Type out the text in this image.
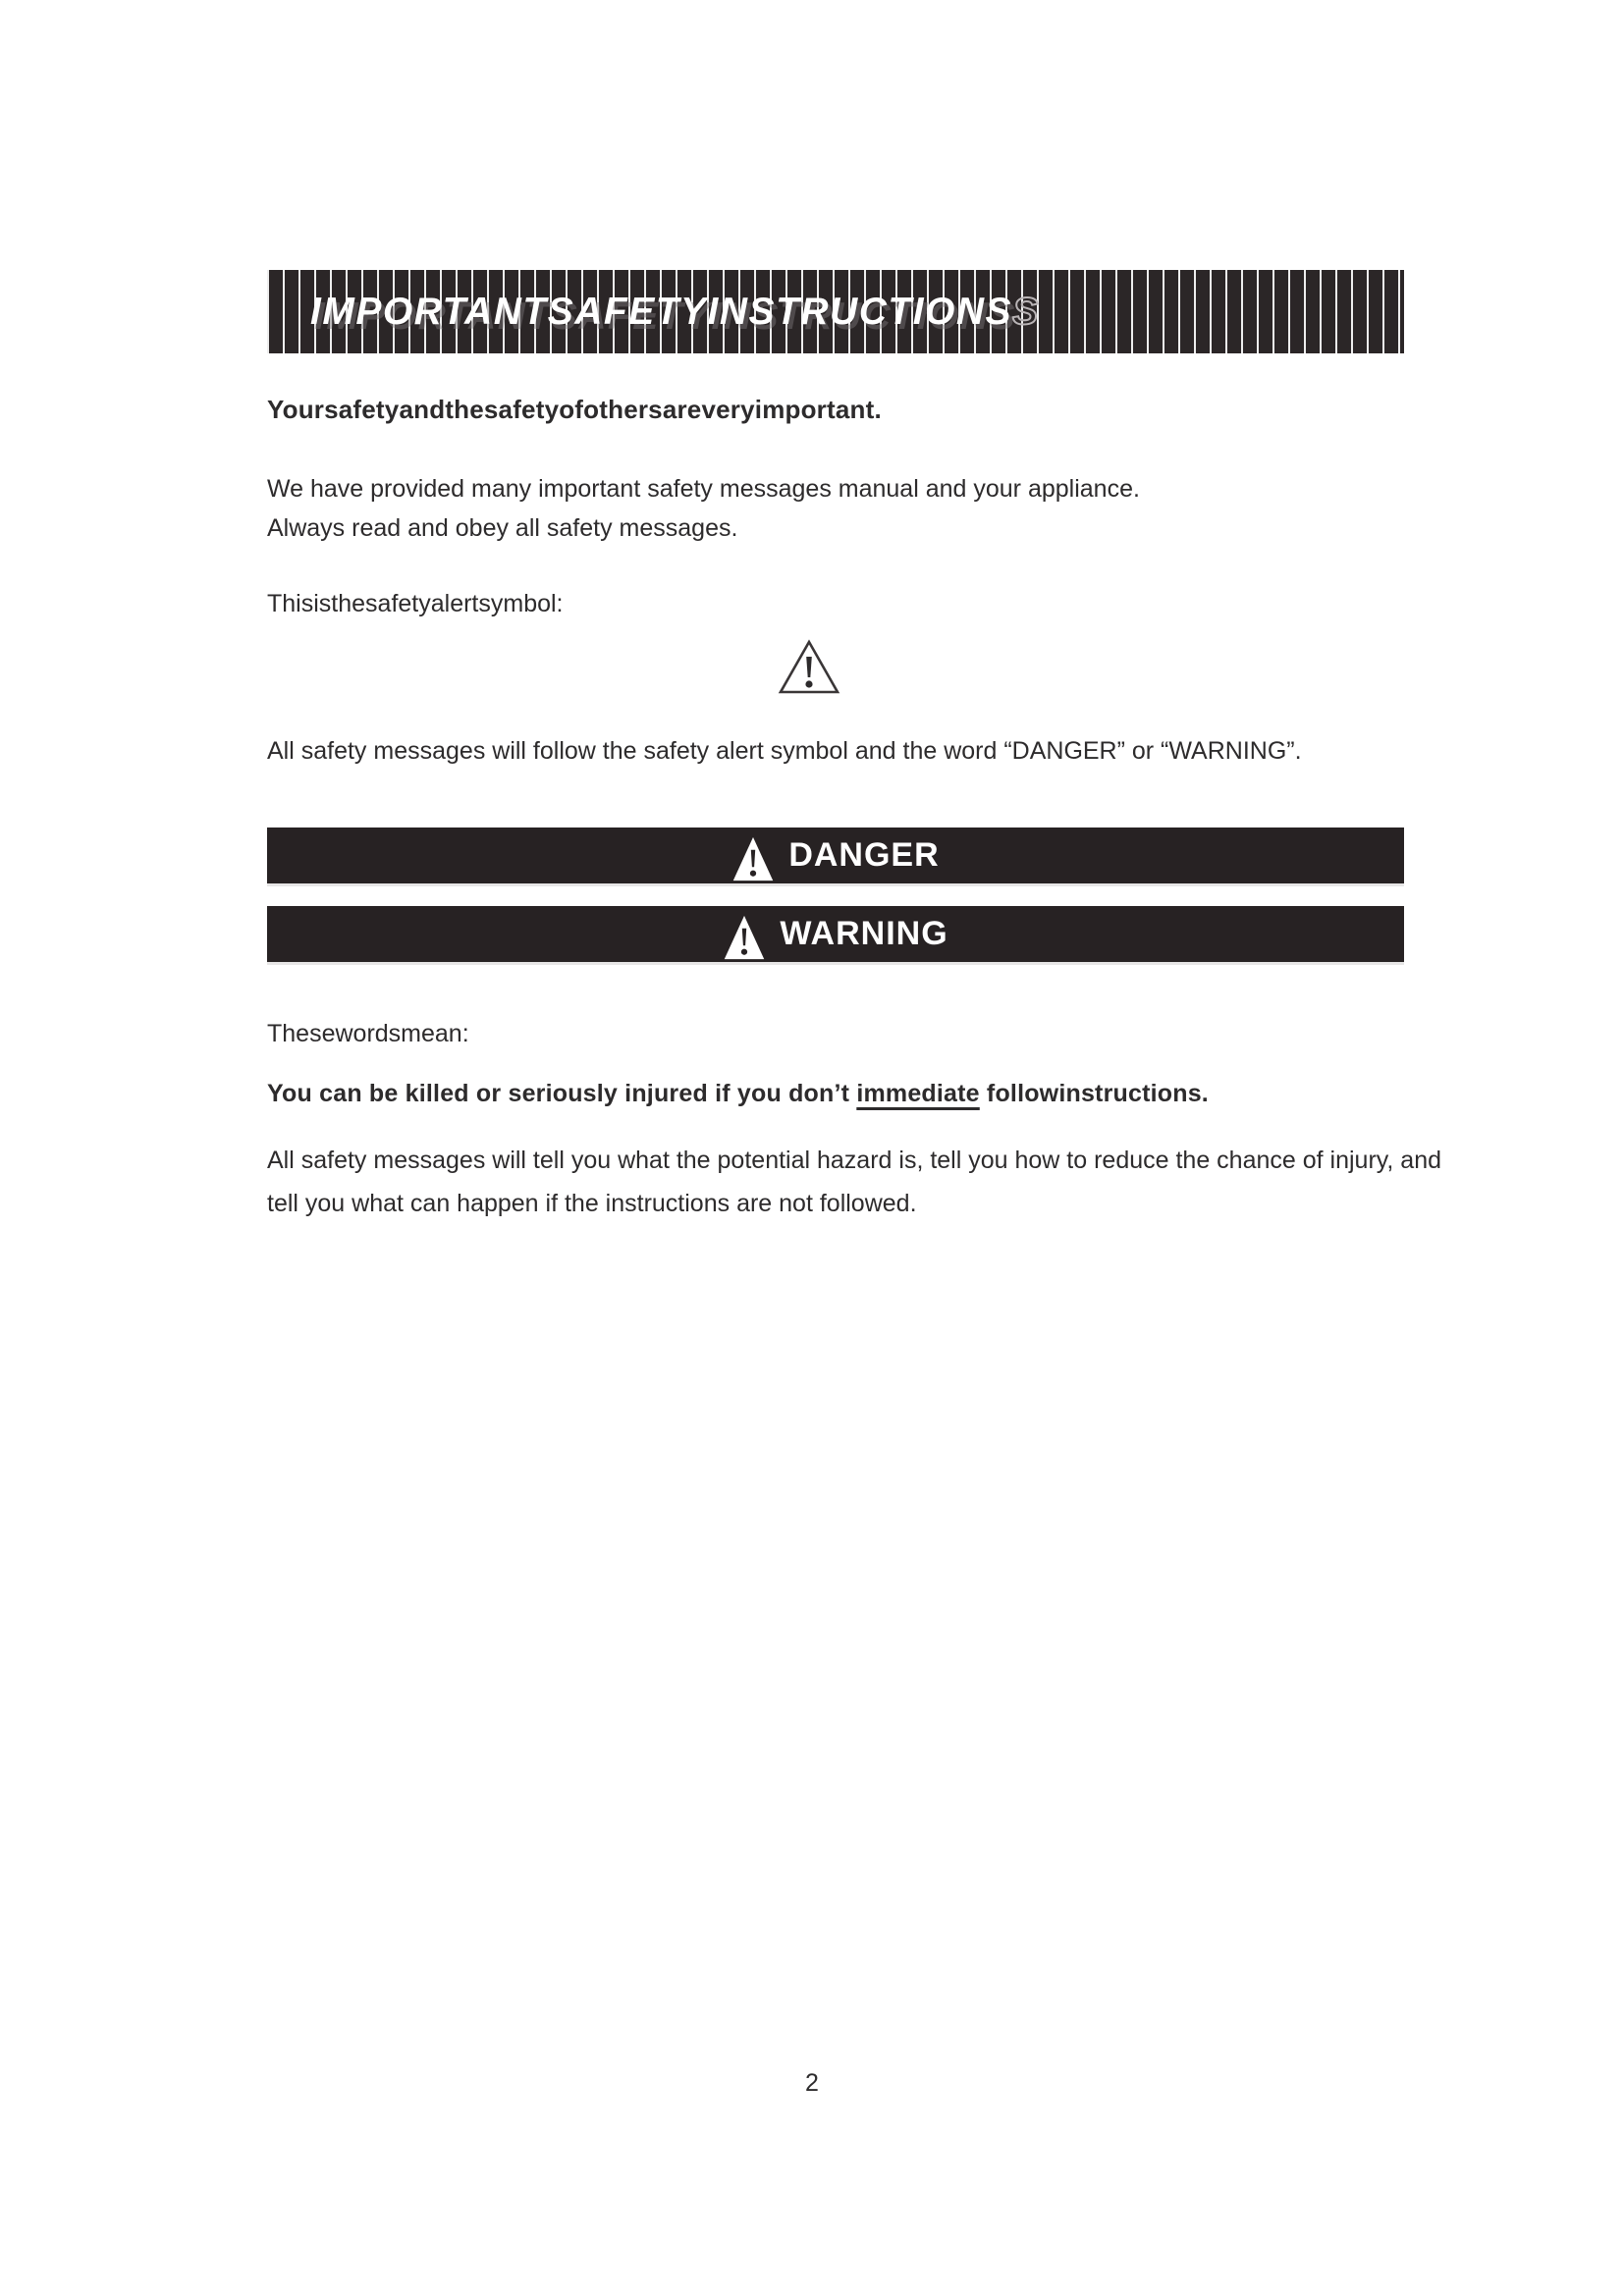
IMPORTANTSAFETYINSTRUCTIONSS
Yoursafetyandthesafetyofothersareveryimportant.
We have provided many important safety messages manual and your appliance.
Always read and obey all safety messages.
Thisisthesafetyalertsymbol:
All safety messages will follow the safety alert symbol and the word “DANGER” or “WARNING”.
DANGER
WARNING
Thesewordsmean:
You can be killed or seriously injured if you don’t immediate followinstructions.
All safety messages will tell you what the potential hazard is, tell you how to reduce the chance of injury, and tell you what can happen if the instructions are not followed.
2
